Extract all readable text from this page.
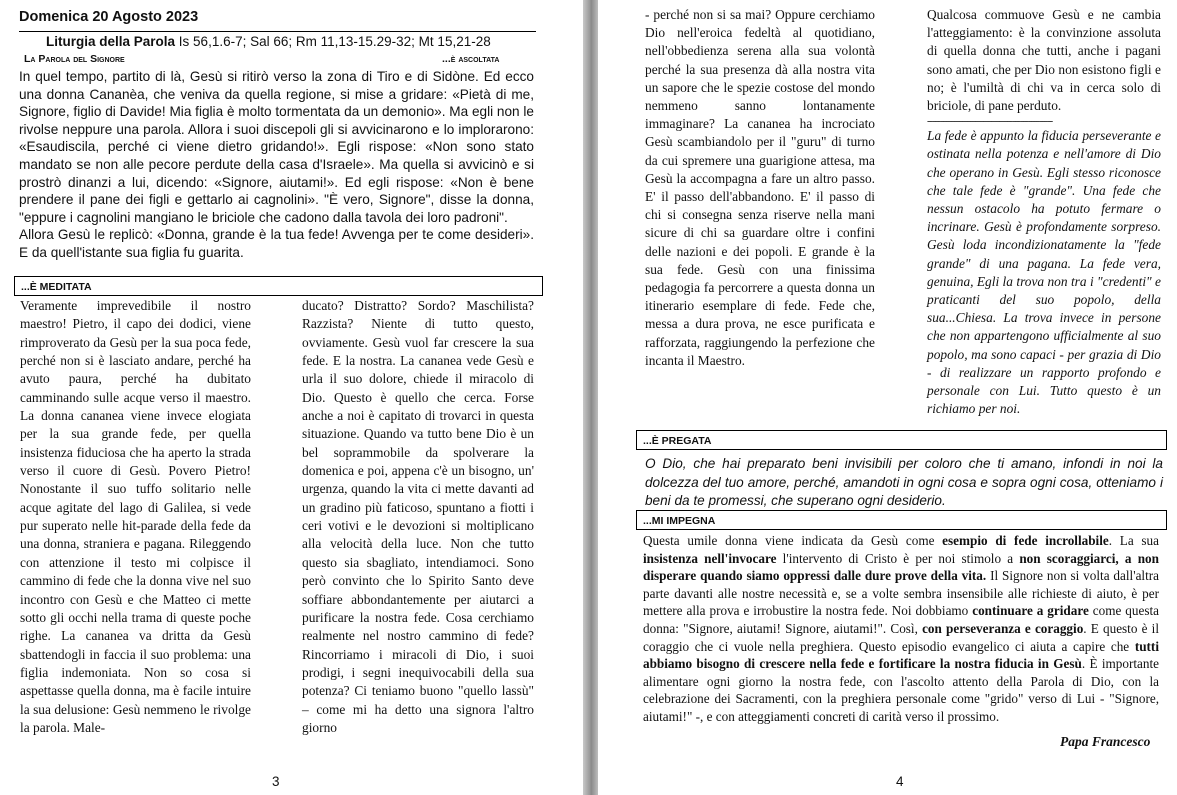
Domenica 20 Agosto 2023
Liturgia della Parola Is 56,1.6-7; Sal 66; Rm 11,13-15.29-32; Mt 15,21-28
La Parola del Signore	...è ascoltata

In quel tempo, partito di là, Gesù si ritirò verso la zona di Tiro e di Sidòne. Ed ecco una donna Cananèa, che veniva da quella regione, si mise a gridare: «Pietà di me, Signore, figlio di Davide! Mia figlia è molto tormentata da un demonio». Ma egli non le rivolse neppure una parola. Allora i suoi discepoli gli si avvicinarono e lo implorarono: «Esaudiscila, perché ci viene dietro gridando!». Egli rispose: «Non sono stato mandato se non alle pecore perdute della casa d'Israele». Ma quella si avvicinò e si prostrò dinanzi a lui, dicendo: «Signore, aiutami!». Ed egli rispose: «Non è bene prendere il pane dei figli e gettarlo ai cagnolini». "È vero, Signore", disse la donna, "eppure i cagnolini mangiano le briciole che cadono dalla tavola dei loro padroni".

Allora Gesù le replicò: «Donna, grande è la tua fede! Avvenga per te come desideri». E da quell'istante sua figlia fu guarita.

...È MEDITATA
Veramente imprevedibile il nostro maestro! Pietro, il capo dei dodici, viene rimproverato da Gesù per la sua poca fede, perché non si è lasciato andare, perché ha avuto paura, perché ha dubitato camminando sulle acque verso il maestro. La donna cananea viene invece elogiata per la sua grande fede, per quella insistenza fiduciosa che ha aperto la strada verso il cuore di Gesù. Povero Pietro! Nonostante il suo tuffo solitario nelle acque agitate del lago di Galilea, si vede pur superato nelle hit-parade della fede da una donna, straniera e pagana. Rileggendo con attenzione il testo mi colpisce il cammino di fede che la donna vive nel suo incontro con Gesù e che Matteo ci mette sotto gli occhi nella trama di queste poche righe. La cananea va dritta da Gesù sbattendogli in faccia il suo problema: una figlia indemoniata. Non so cosa si aspettasse quella donna, ma è facile intuire la sua delusione: Gesù nemmeno le rivolge la parola. Male-
ducato? Distratto? Sordo? Maschilista? Razzista? Niente di tutto questo, ovviamente. Gesù vuol far crescere la sua fede. E la nostra. La cananea vede Gesù e urla il suo dolore, chiede il miracolo di Dio. Questo è quello che cerca. Forse anche a noi è capitato di trovarci in questa situazione. Quando va tutto bene Dio è un bel soprammobile da spolverare la domenica e poi, appena c'è un bisogno, un' urgenza, quando la vita ci mette davanti ad un gradino più faticoso, spuntano a fiotti i ceri votivi e le devozioni si moltiplicano alla velocità della luce. Non che tutto questo sia sbagliato, intendiamoci. Sono però convinto che lo Spirito Santo deve soffiare abbondantemente per aiutarci a purificare la nostra fede. Cosa cerchiamo realmente nel nostro cammino di fede? Rincorriamo i miracoli di Dio, i suoi prodigi, i segni inequivocabili della sua potenza? Ci teniamo buono "quello lassù" – come mi ha detto una signora l'altro giorno
3
- perché non si sa mai? Oppure cerchiamo Dio nell'eroica fedeltà al quotidiano, nell'obbedienza serena alla sua volontà perché la sua presenza dà alla nostra vita un sapore che le spezie costose del mondo nemmeno sanno lontanamente immaginare? La cananea ha incrociato Gesù scambiandolo per il "guru" di turno da cui spremere una guarigione attesa, ma Gesù la accompagna a fare un altro passo. E' il passo dell'abbandono. E' il passo di chi si consegna senza riserve nella mani sicure di chi sa guardare oltre i confini delle nazioni e dei popoli. E grande è la sua fede. Gesù con una finissima pedagogia fa percorrere a questa donna un itinerario esemplare di fede. Fede che, messa a dura prova, ne esce purificata e rafforzata, raggiungendo la perfezione che incanta il Maestro.
Qualcosa commuove Gesù e ne cambia l'atteggiamento: è la convinzione assoluta di quella donna che tutti, anche i pagani sono amati, che per Dio non esistono figli e no; è l'umiltà di chi va in cerca solo di briciole, di pane perduto.
-----------------------------------------------
La fede è appunto la fiducia perseverante e ostinata nella potenza e nell'amore di Dio che operano in Gesù. Egli stesso riconosce che tale fede è "grande". Una fede che nessun ostacolo ha potuto fermare o incrinare. Gesù è profondamente sorpreso. Gesù loda incondizionatamente la "fede grande" di una pagana. La fede vera, genuina, Egli la trova non tra i "credenti" e praticanti del suo popolo, della sua...Chiesa. La trova invece in persone che non appartengono ufficialmente al suo popolo, ma sono capaci - per grazia di Dio - di realizzare un rapporto profondo e personale con Lui. Tutto questo è un richiamo per noi.
...È PREGATA
O Dio, che hai preparato beni invisibili per coloro che ti amano, infondi in noi la dolcezza del tuo amore, perché, amandoti in ogni cosa e sopra ogni cosa, otteniamo i beni da te promessi, che superano ogni desiderio.
...MI IMPEGNA
Questa umile donna viene indicata da Gesù come esempio di fede incrollabile. La sua insistenza nell'invocare l'intervento di Cristo è per noi stimolo a non scoraggiarci, a non disperare quando siamo oppressi dalle dure prove della vita. Il Signore non si volta dall'altra parte davanti alle nostre necessità e, se a volte sembra insensibile alle richieste di aiuto, è per mettere alla prova e irrobustire la nostra fede. Noi dobbiamo continuare a gridare come questa donna: "Signore, aiutami! Signore, aiutami!". Così, con perseveranza e coraggio. E questo è il coraggio che ci vuole nella preghiera. Questo episodio evangelico ci aiuta a capire che tutti abbiamo bisogno di crescere nella fede e fortificare la nostra fiducia in Gesù. È importante alimentare ogni giorno la nostra fede, con l'ascolto attento della Parola di Dio, con la celebrazione dei Sacramenti, con la preghiera personale come "grido" verso di Lui - "Signore, aiutami!" -, e con atteggiamenti concreti di carità verso il prossimo.
Papa Francesco
4
